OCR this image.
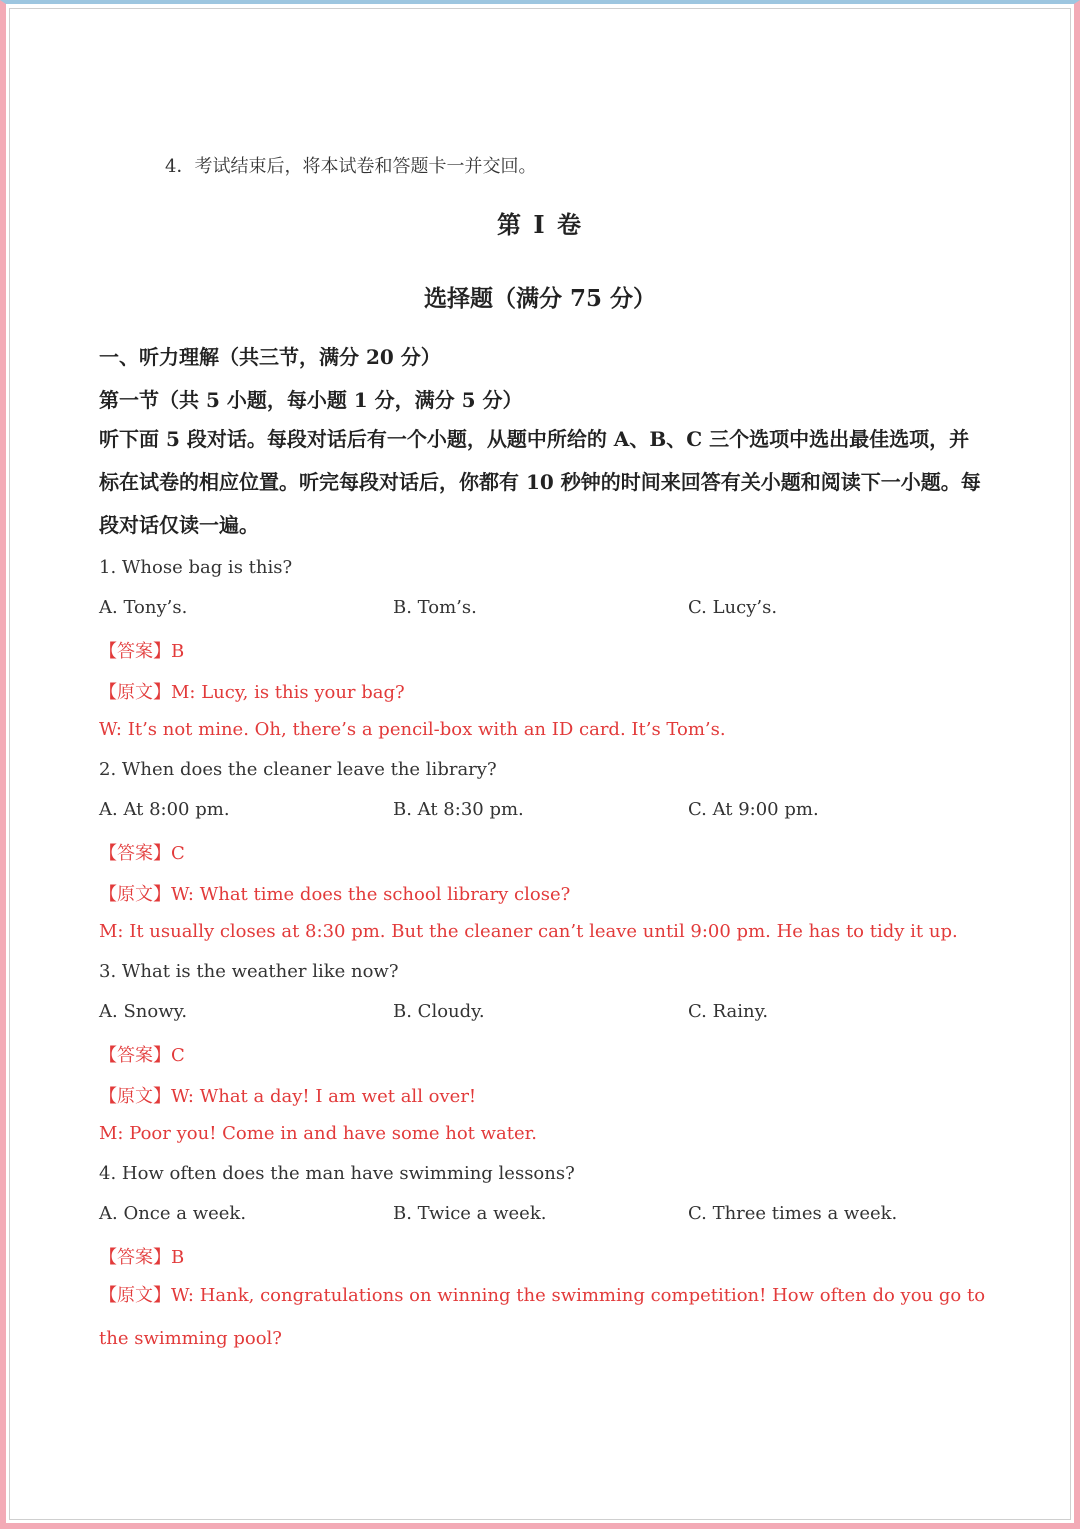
4．考试结束后，将本试卷和答题卡一并交回。
第 I 卷
选择题（满分 75 分）
一、听力理解（共三节，满分 20 分）
第一节（共 5 小题，每小题 1 分，满分 5 分）
听下面 5 段对话。每段对话后有一个小题，从题中所给的 A、B、C 三个选项中选出最佳选项，并标在试卷的相应位置。听完每段对话后，你都有 10 秒钟的时间来回答有关小题和阅读下一小题。每段对话仅读一遍。
1. Whose bag is this?
A. Tony’s.	B. Tom’s.	C. Lucy’s.
【答案】B
【原文】M: Lucy, is this your bag?
W: It’s not mine. Oh, there’s a pencil-box with an ID card. It’s Tom’s.
2. When does the cleaner leave the library?
A. At 8:00 pm.	B. At 8:30 pm.	C. At 9:00 pm.
【答案】C
【原文】W: What time does the school library close?
M: It usually closes at 8:30 pm. But the cleaner can’t leave until 9:00 pm. He has to tidy it up.
3. What is the weather like now?
A. Snowy.	B. Cloudy.	C. Rainy.
【答案】C
【原文】W: What a day! I am wet all over!
M: Poor you! Come in and have some hot water.
4. How often does the man have swimming lessons?
A. Once a week.	B. Twice a week.	C. Three times a week.
【答案】B
【原文】W: Hank, congratulations on winning the swimming competition! How often do you go to the swimming pool?
